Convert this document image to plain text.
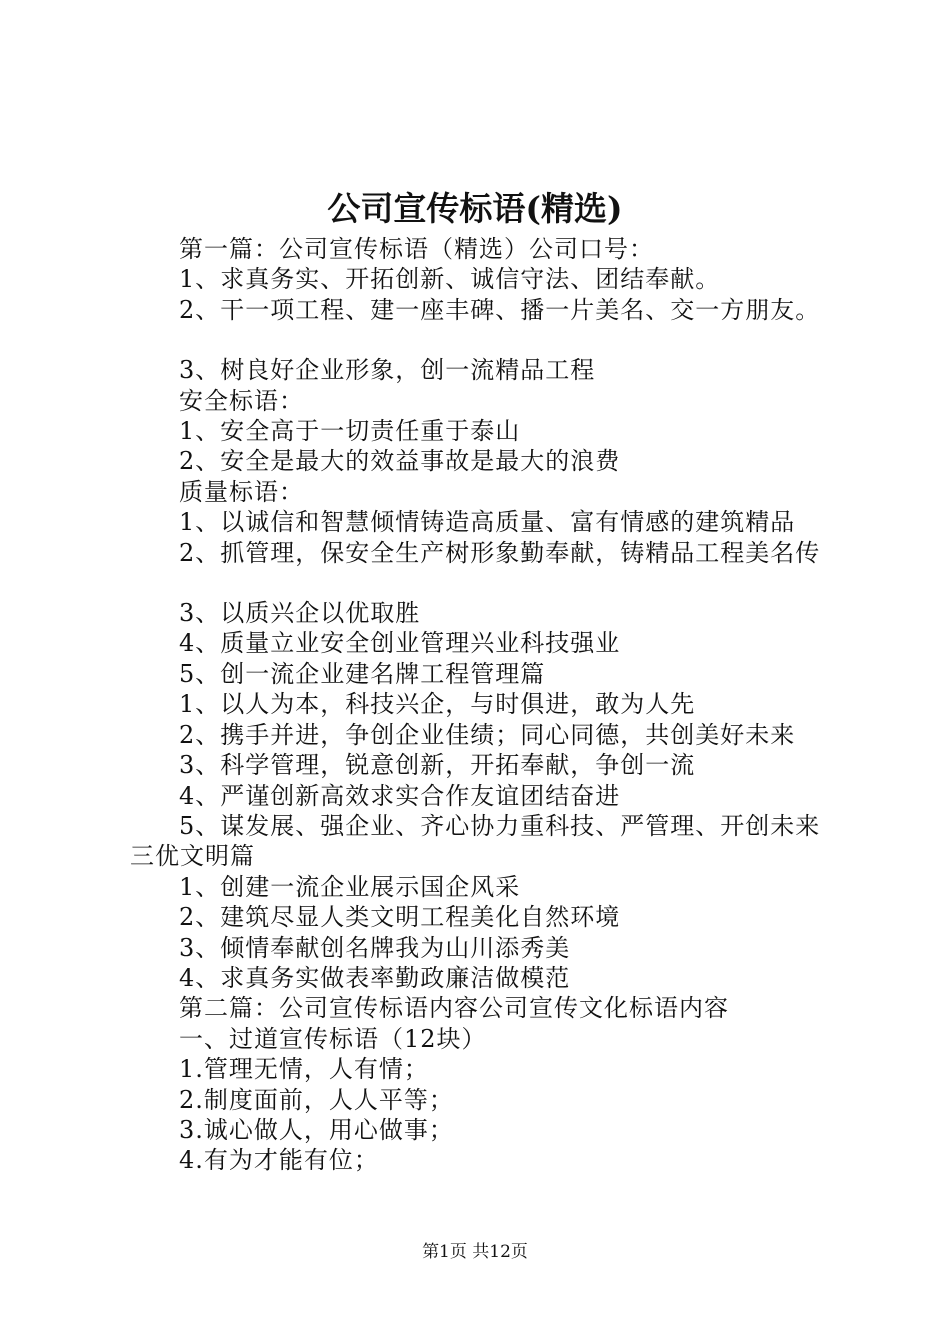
公司宣传标语(精选)
第一篇：公司宣传标语（精选）公司口号：
1、求真务实、开拓创新、诚信守法、团结奉献。
2、干一项工程、建一座丰碑、播一片美名、交一方朋友。
3、树良好企业形象，创一流精品工程
安全标语：
1、安全高于一切责任重于泰山
2、安全是最大的效益事故是最大的浪费
质量标语：
1、以诚信和智慧倾情铸造高质量、富有情感的建筑精品
2、抓管理，保安全生产树形象勤奉献，铸精品工程美名传
3、以质兴企以优取胜
4、质量立业安全创业管理兴业科技强业
5、创一流企业建名牌工程管理篇
1、以人为本，科技兴企，与时俱进，敢为人先
2、携手并进，争创企业佳绩；同心同德，共创美好未来
3、科学管理，锐意创新，开拓奉献，争创一流
4、严谨创新高效求实合作友谊团结奋进
5、谋发展、强企业、齐心协力重科技、严管理、开创未来
三优文明篇
1、创建一流企业展示国企风采
2、建筑尽显人类文明工程美化自然环境
3、倾情奉献创名牌我为山川添秀美
4、求真务实做表率勤政廉洁做模范
第二篇：公司宣传标语内容公司宣传文化标语内容
一、过道宣传标语（12块）
1.管理无情，人有情；
2.制度面前，人人平等；
3.诚心做人，用心做事；
4.有为才能有位；
第1页 共12页
